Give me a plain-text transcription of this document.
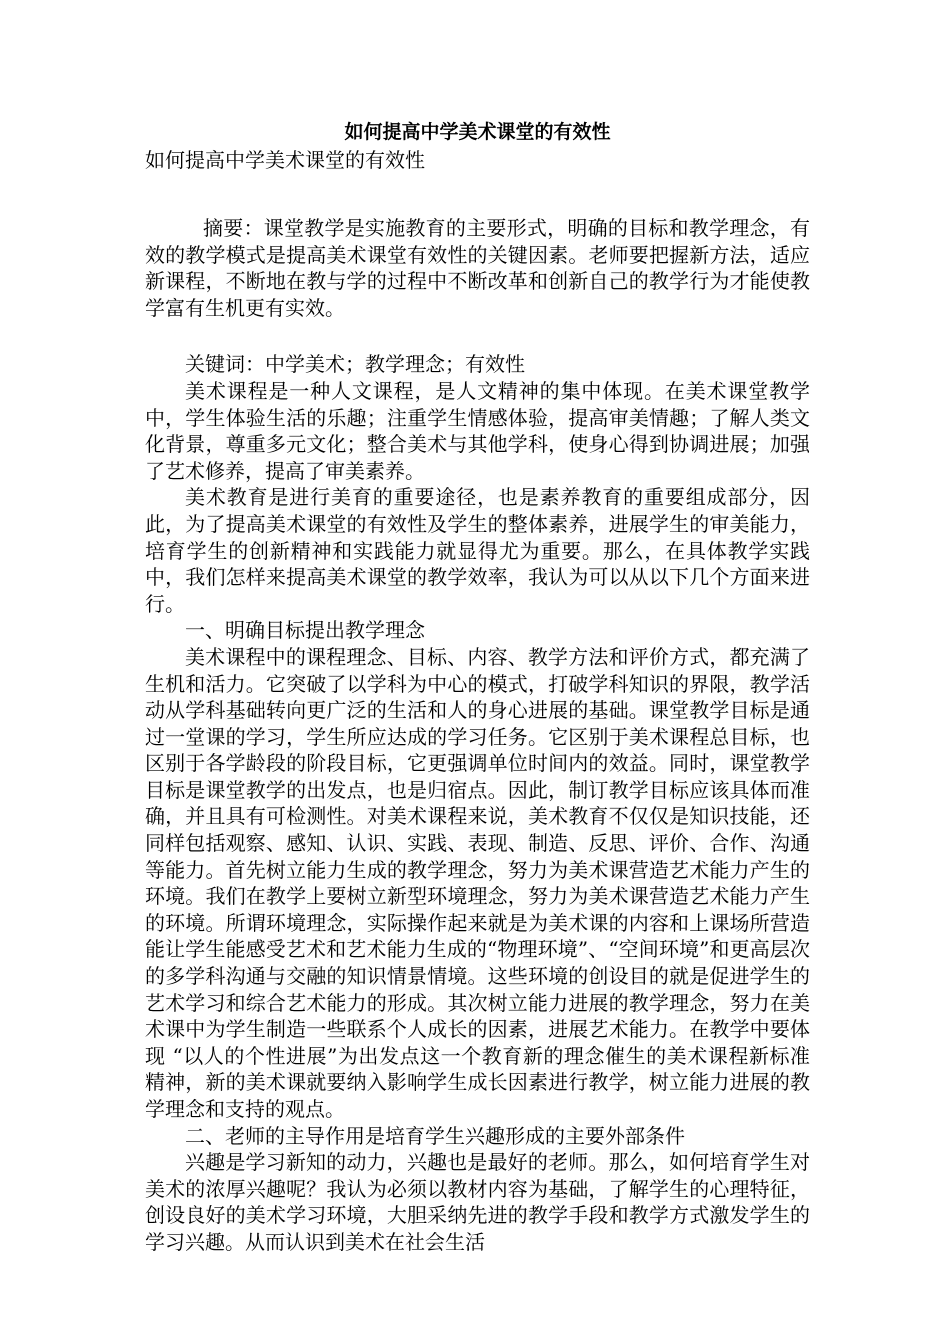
如何提高中学美术课堂的有效性
如何提高中学美术课堂的有效性

摘要：课堂教学是实施教育的主要形式，明确的目标和教学理念，有效的教学模式是提高美术课堂有效性的关键因素。老师要把握新方法，适应新课程，不断地在教与学的过程中不断改革和创新自己的教学行为才能使教学富有生机更有实效。

关键词：中学美术；教学理念；有效性

美术课程是一种人文课程，是人文精神的集中体现。在美术课堂教学中，学生体验生活的乐趣；注重学生情感体验，提高审美情趣；了解人类文化背景，尊重多元文化；整合美术与其他学科，使身心得到协调进展；加强了艺术修养，提高了审美素养。

美术教育是进行美育的重要途径，也是素养教育的重要组成部分，因此，为了提高美术课堂的有效性及学生的整体素养，进展学生的审美能力，培育学生的创新精神和实践能力就显得尤为重要。那么，在具体教学实践中，我们怎样来提高美术课堂的教学效率，我认为可以从以下几个方面来进行。

一、明确目标提出教学理念

美术课程中的课程理念、目标、内容、教学方法和评价方式，都充满了生机和活力。它突破了以学科为中心的模式，打破学科知识的界限，教学活动从学科基础转向更广泛的生活和人的身心进展的基础。课堂教学目标是通过一堂课的学习，学生所应达成的学习任务。它区别于美术课程总目标，也区别于各学龄段的阶段目标，它更强调单位时间内的效益。同时，课堂教学目标是课堂教学的出发点，也是归宿点。因此，制订教学目标应该具体而准确，并且具有可检测性。对美术课程来说，美术教育不仅仅是知识技能，还同样包括观察、感知、认识、实践、表现、制造、反思、评价、合作、沟通等能力。首先树立能力生成的教学理念，努力为美术课营造艺术能力产生的环境。我们在教学上要树立新型环境理念，努力为美术课营造艺术能力产生的环境。所谓环境理念，实际操作起来就是为美术课的内容和上课场所营造能让学生能感受艺术和艺术能力生成的“物理环境”、“空间环境”和更高层次的多学科沟通与交融的知识情景情境。这些环境的创设目的就是促进学生的艺术学习和综合艺术能力的形成。其次树立能力进展的教学理念，努力在美术课中为学生制造一些联系个人成长的因素，进展艺术能力。在教学中要体现 “以人的个性进展”为出发点这一个教育新的理念催生的美术课程新标准精神，新的美术课就要纳入影响学生成长因素进行教学，树立能力进展的教学理念和支持的观点。

二、老师的主导作用是培育学生兴趣形成的主要外部条件

兴趣是学习新知的动力，兴趣也是最好的老师。那么，如何培育学生对美术的浓厚兴趣呢？我认为必须以教材内容为基础，了解学生的心理特征，创设良好的美术学习环境，大胆采纳先进的教学手段和教学方式激发学生的学习兴趣。从而认识到美术在社会生活
